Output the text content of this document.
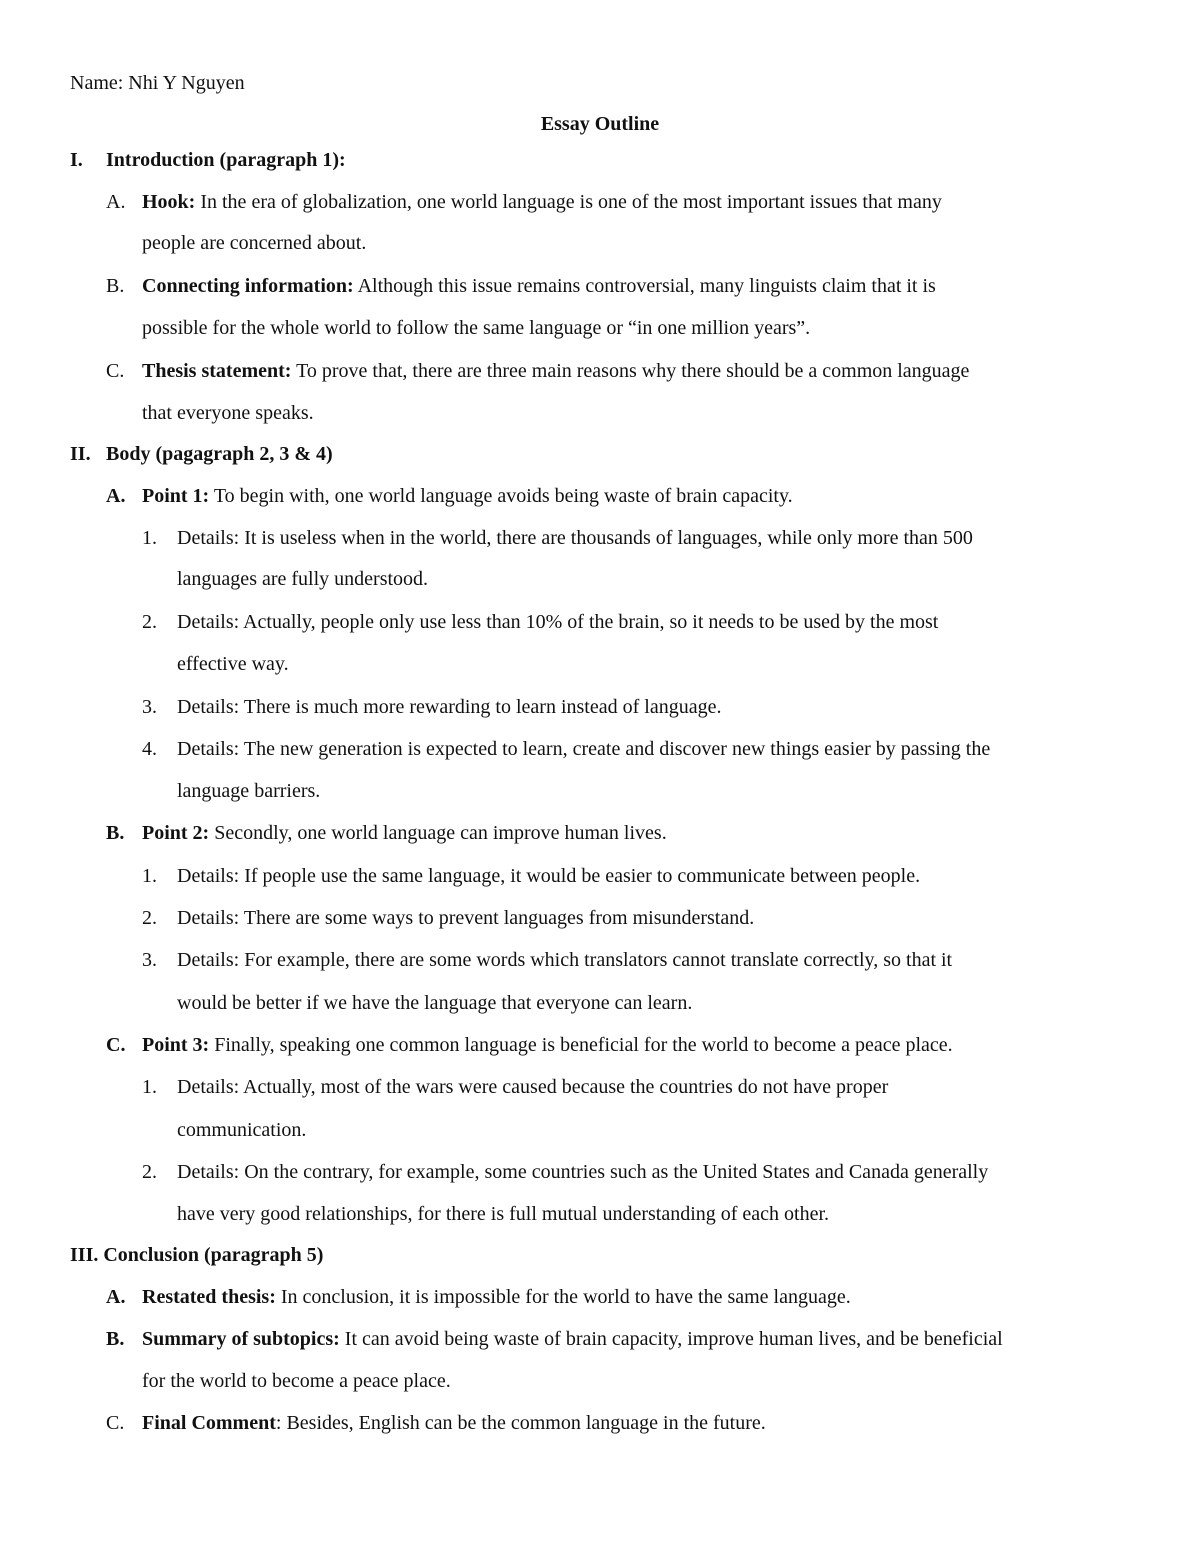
Name: Nhi Y Nguyen
Essay Outline
I. Introduction (paragraph 1):
A. Hook: In the era of globalization, one world language is one of the most important issues that many
people are concerned about.
B. Connecting information: Although this issue remains controversial, many linguists claim that it is
possible for the whole world to follow the same language or “in one million years”.
C. Thesis statement: To prove that, there are three main reasons why there should be a common language
that everyone speaks.
II. Body (pagagraph 2, 3 & 4)
A. Point 1: To begin with, one world language avoids being waste of brain capacity.
1. Details: It is useless when in the world, there are thousands of languages, while only more than 500
languages are fully understood.
2. Details: Actually, people only use less than 10% of the brain, so it needs to be used by the most
effective way.
3. Details: There is much more rewarding to learn instead of language.
4. Details: The new generation is expected to learn, create and discover new things easier by passing the
language barriers.
B. Point 2: Secondly, one world language can improve human lives.
1. Details: If people use the same language, it would be easier to communicate between people.
2. Details: There are some ways to prevent languages from misunderstand.
3. Details: For example, there are some words which translators cannot translate correctly, so that it
would be better if we have the language that everyone can learn.
C. Point 3: Finally, speaking one common language is beneficial for the world to become a peace place.
1. Details: Actually, most of the wars were caused because the countries do not have proper
communication.
2. Details: On the contrary, for example, some countries such as the United States and Canada generally
have very good relationships, for there is full mutual understanding of each other.
III. Conclusion (paragraph 5)
A. Restated thesis: In conclusion, it is impossible for the world to have the same language.
B. Summary of subtopics: It can avoid being waste of brain capacity, improve human lives, and be beneficial
for the world to become a peace place.
C. Final Comment: Besides, English can be the common language in the future.
